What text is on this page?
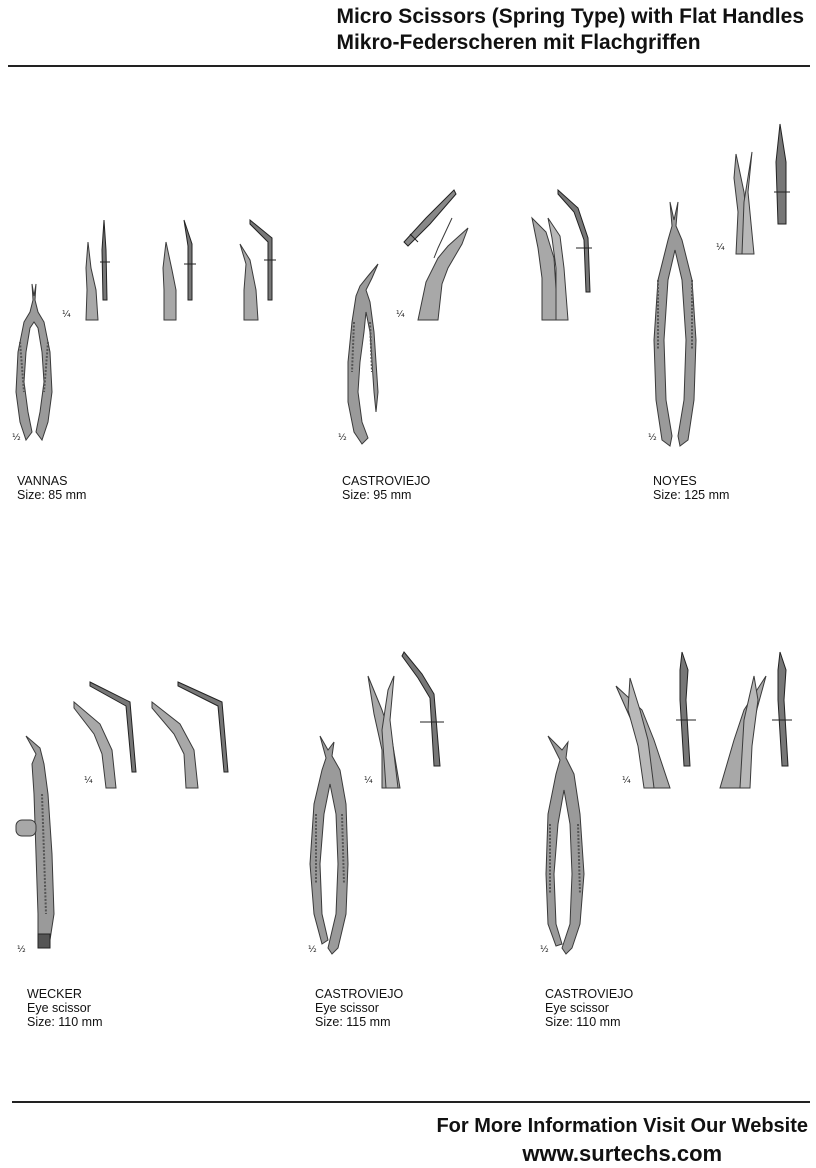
Micro Scissors (Spring Type) with Flat Handles
Mikro-Federscheren mit Flachgriffen
½
¼
VANNAS
Size: 85 mm
½
¼
CASTROVIEJO
Size: 95 mm
½
¼
NOYES
Size: 125 mm
½
¼
WECKER
Eye scissor
Size: 110 mm
½
¼
CASTROVIEJO
Eye scissor
Size: 115 mm
½
¼
CASTROVIEJO
Eye scissor
Size: 110 mm
For More Information Visit Our Website
www.surtechs.com
